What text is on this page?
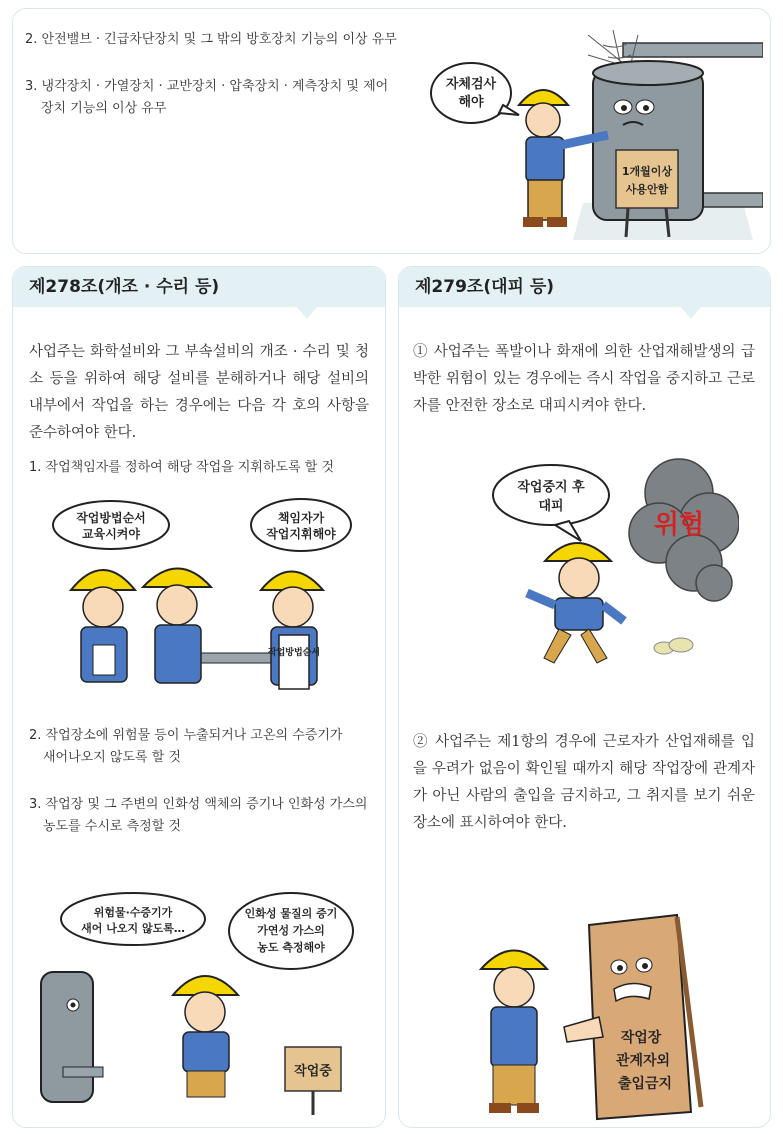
2. 안전밸브 · 긴급차단장치 및 그 밖의 방호장치 기능의 이상 유무
3. 냉각장치 · 가열장치 · 교반장치 · 압축장치 · 계측장치 및 제어
장치 기능의 이상 유무
1개월이상
사용안함
자체검사
해야
제278조(개조 · 수리 등)
사업주는 화학설비와 그 부속설비의 개조 · 수리 및 청소 등을 위하여 해당 설비를 분해하거나 해당 설비의 내부에서 작업을 하는 경우에는 다음 각 호의 사항을 준수하여야 한다.
1. 작업책임자를 정하여 해당 작업을 지휘하도록 할 것
작업방법순서
교육시켜야
책임자가
작업지휘해야
작업방법순서
2. 작업장소에 위험물 등이 누출되거나 고온의 수증기가
새어나오지 않도록 할 것
3. 작업장 및 그 주변의 인화성 액체의 증기나 인화성 가스의
농도를 수시로 측정할 것
위험물·수증기가
새어 나오지 않도록…
인화성 물질의 증기
가연성 가스의
농도 측정해야
작업중
제279조(대피 등)
① 사업주는 폭발이나 화재에 의한 산업재해발생의 급박한 위험이 있는 경우에는 즉시 작업을 중지하고 근로자를 안전한 장소로 대피시켜야 한다.
위험
작업중지 후
대피
② 사업주는 제1항의 경우에 근로자가 산업재해를 입을 우려가 없음이 확인될 때까지 해당 작업장에 관계자가 아닌 사람의 출입을 금지하고, 그 취지를 보기 쉬운 장소에 표시하여야 한다.
작업장
관계자외
출입금지
